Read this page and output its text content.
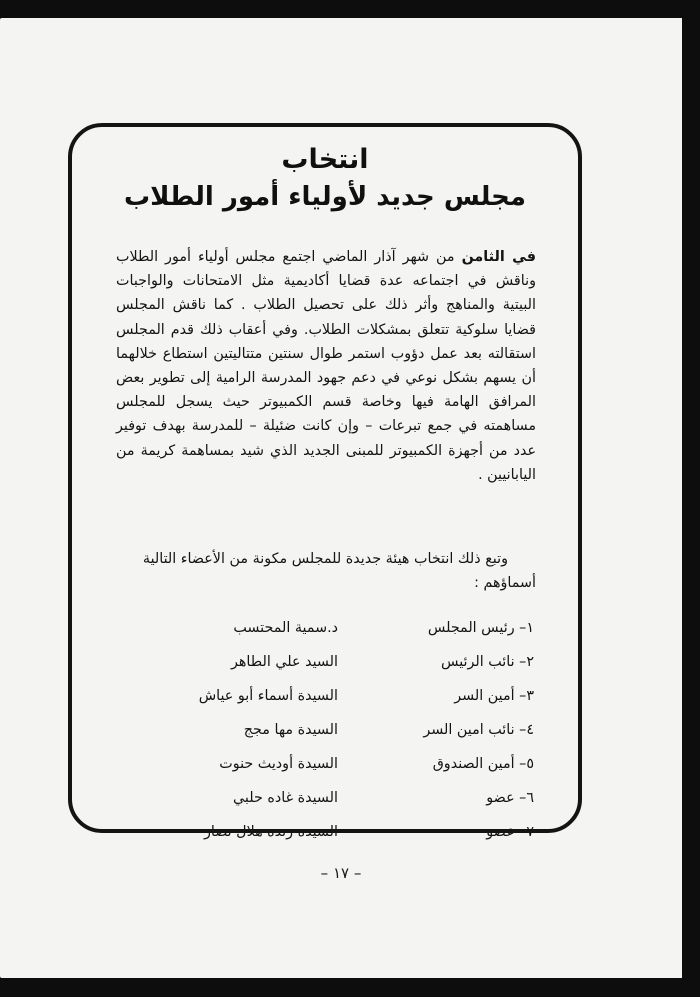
انتخاب
مجلس جديد لأولياء أمور الطلاب

في الثامن من شهر آذار الماضي اجتمع مجلس أولياء أمور الطلاب وناقش في اجتماعه عدة قضايا أكاديمية مثل الامتحانات والواجبات البيتية والمناهج وأثر ذلك على تحصيل الطلاب . كما ناقش المجلس قضايا سلوكية تتعلق بمشكلات الطلاب. وفي أعقاب ذلك قدم المجلس استقالته بعد عمل دؤوب استمر طوال سنتين متتاليتين استطاع خلالهما أن يسهم بشكل نوعي في دعم جهود المدرسة الرامية إلى تطوير بعض المرافق الهامة فيها وخاصة قسم الكمبيوتر حيث يسجل للمجلس مساهمته في جمع تبرعات – وإن كانت ضئيلة – للمدرسة بهدف توفير عدد من أجهزة الكمبيوتر للمبنى الجديد الذي شيد بمساهمة كريمة من اليابانيين .

وتبع ذلك انتخاب هيئة جديدة للمجلس مكونة من الأعضاء التالية أسماؤهم :

١– رئيس المجلس
د.سمية المحتسب
٢– نائب الرئيس
السيد علي الطاهر
٣– أمين السر
السيدة أسماء أبو عياش
٤– نائب امين السر
السيدة مها مجج
٥– أمين الصندوق
السيدة أوديث حنوت
٦– عضو
السيدة غاده حلبي
٧– عضو
السيده رنده هلال نصار
– ١٧ –
